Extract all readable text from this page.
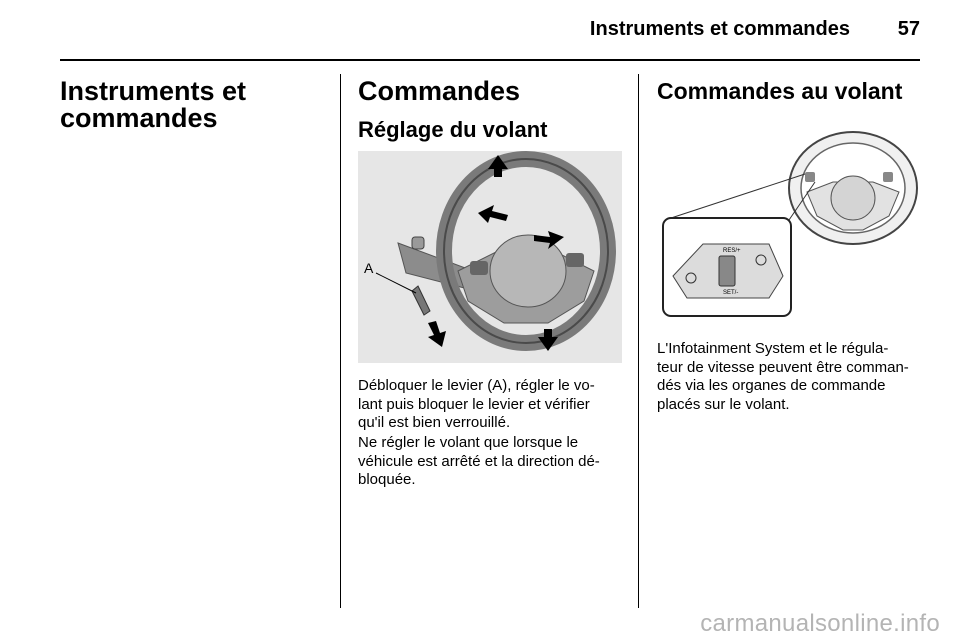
Instruments et commandes	57
Instruments et
commandes
Commandes
Réglage du volant
A
Débloquer le levier (A), régler le vo-
lant puis bloquer le levier et vérifier
qu'il est bien verrouillé.
Ne régler le volant que lorsque le
véhicule est arrêté et la direction dé-
bloquée.
Commandes au volant
RES/+
SET/-
L'Infotainment System et le régula-
teur de vitesse peuvent être comman-
dés via les organes de commande
placés sur le volant.
carmanualsonline.info
